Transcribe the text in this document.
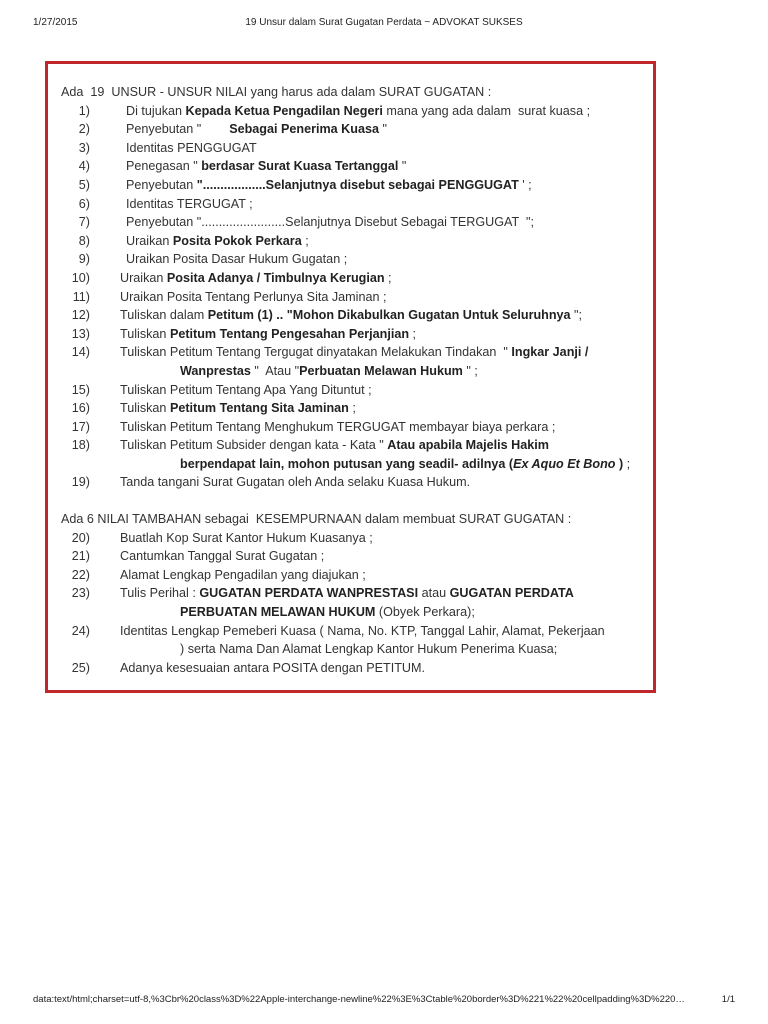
1/27/2015	19 Unsur dalam Surat Gugatan Perdata ~ ADVOKAT SUKSES
Ada  19  UNSUR - UNSUR NILAI yang harus ada dalam SURAT GUGATAN :
1)	Di tujukan Kepada Ketua Pengadilan Negeri mana yang ada dalam  surat kuasa ;
2)	Penyebutan "        Sebagai Penerima Kuasa "
3)	Identitas PENGGUGAT
4)	Penegasan " berdasar Surat Kuasa Tertanggal "
5)	Penyebutan "..................Selanjutnya disebut sebagai PENGGUGAT ' ;
6)	Identitas TERGUGAT ;
7)	Penyebutan "........................Selanjutnya Disebut Sebagai TERGUGAT  ";
8)	Uraikan Posita Pokok Perkara ;
9)	Uraikan Posita Dasar Hukum Gugatan ;
10) Uraikan Posita Adanya / Timbulnya Kerugian ;
11) Uraikan Posita Tentang Perlunya Sita Jaminan ;
12) Tuliskan dalam Petitum (1) .. "Mohon Dikabulkan Gugatan Untuk Seluruhnya ";
13) Tuliskan Petitum Tentang Pengesahan Perjanjian ;
14) Tuliskan Petitum Tentang Tergugat dinyatakan Melakukan Tindakan  " Ingkar Janji /
Wanprestas "  Atau "Perbuatan Melawan Hukum " ;
15) Tuliskan Petitum Tentang Apa Yang Dituntut ;
16) Tuliskan Petitum Tentang Sita Jaminan ;
17) Tuliskan Petitum Tentang Menghukum TERGUGAT membayar biaya perkara ;
18) Tuliskan Petitum Subsider dengan kata - Kata " Atau apabila Majelis Hakim
berpendapat lain, mohon putusan yang seadil- adilnya (Ex Aquo Et Bono ) ;
19) Tanda tangani Surat Gugatan oleh Anda selaku Kuasa Hukum.
Ada 6 NILAI TAMBAHAN sebagai  KESEMPURNAAN dalam membuat SURAT GUGATAN :
20) Buatlah Kop Surat Kantor Hukum Kuasanya ;
21) Cantumkan Tanggal Surat Gugatan ;
22) Alamat Lengkap Pengadilan yang diajukan ;
23) Tulis Perihal : GUGATAN PERDATA WANPRESTASI atau GUGATAN PERDATA
PERBUATAN MELAWAN HUKUM (Obyek Perkara);
24) Identitas Lengkap Pemeberi Kuasa ( Nama, No. KTP, Tanggal Lahir, Alamat, Pekerjaan
) serta Nama Dan Alamat Lengkap Kantor Hukum Penerima Kuasa;
25) Adanya kesesuaian antara POSITA dengan PETITUM.
data:text/html;charset=utf-8,%3Cbr%20class%3D%22Apple-interchange-newline%22%3E%3Ctable%20border%3D%221%22%20cellpadding%3D%220…	1/1
